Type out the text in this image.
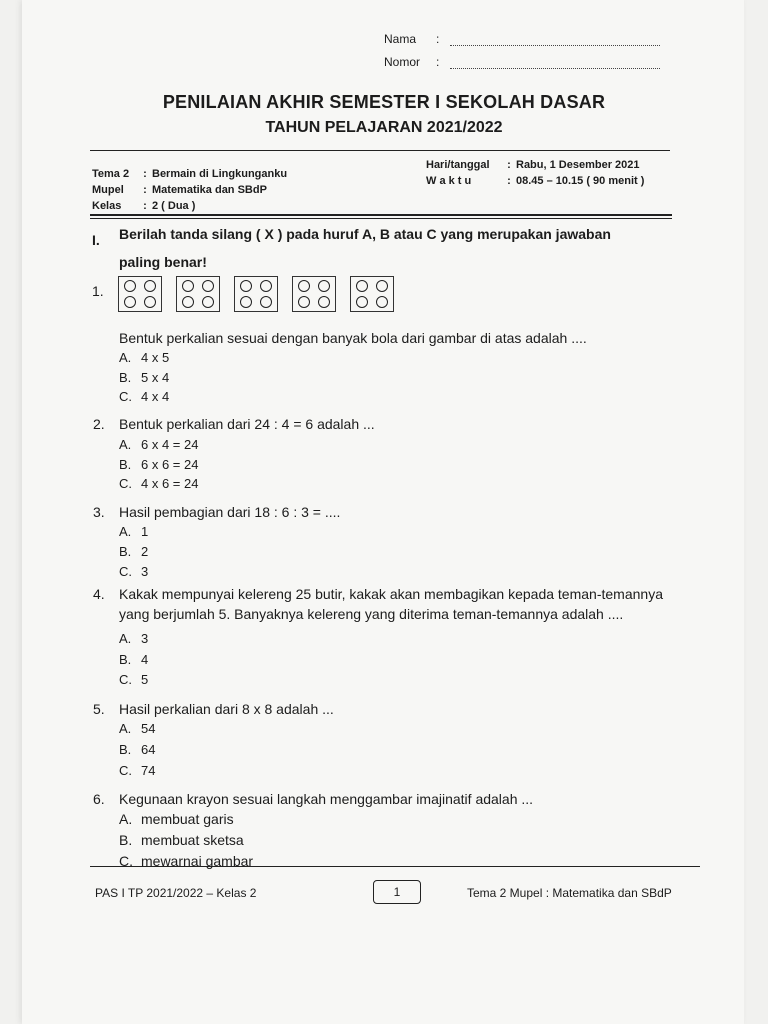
Nama	:
Nomor	:
PENILAIAN AKHIR SEMESTER I SEKOLAH DASAR
TAHUN PELAJARAN 2021/2022
Tema 2	: Bermain di Lingkunganku
Mupel	: Matematika dan SBdP
Kelas	: 2 ( Dua )
Hari/tanggal	: Rabu, 1 Desember 2021
W a k t u	: 08.45 – 10.15 ( 90 menit )
I. Berilah tanda silang ( X ) pada huruf A, B atau C yang merupakan jawaban
paling benar!
1.
Bentuk perkalian sesuai dengan banyak bola dari gambar di atas adalah ....
A. 4 x 5
B. 5 x 4
C. 4 x 4
2. Bentuk perkalian dari 24 : 4 = 6 adalah ...
A. 6 x 4 = 24
B. 6 x 6 = 24
C. 4 x 6 = 24
3. Hasil pembagian dari 18 : 6 : 3 = ....
A. 1
B. 2
C. 3
4. Kakak mempunyai kelereng 25 butir, kakak akan membagikan kepada teman-temannya
yang berjumlah 5. Banyaknya kelereng yang diterima teman-temannya adalah ....
A. 3
B. 4
C. 5
5. Hasil perkalian dari 8 x 8 adalah ...
A. 54
B. 64
C. 74
6. Kegunaan krayon sesuai langkah menggambar imajinatif adalah ...
A. membuat garis
B. membuat sketsa
C. mewarnai gambar
PAS I TP 2021/2022 – Kelas 2	1	Tema 2 Mupel : Matematika dan SBdP
